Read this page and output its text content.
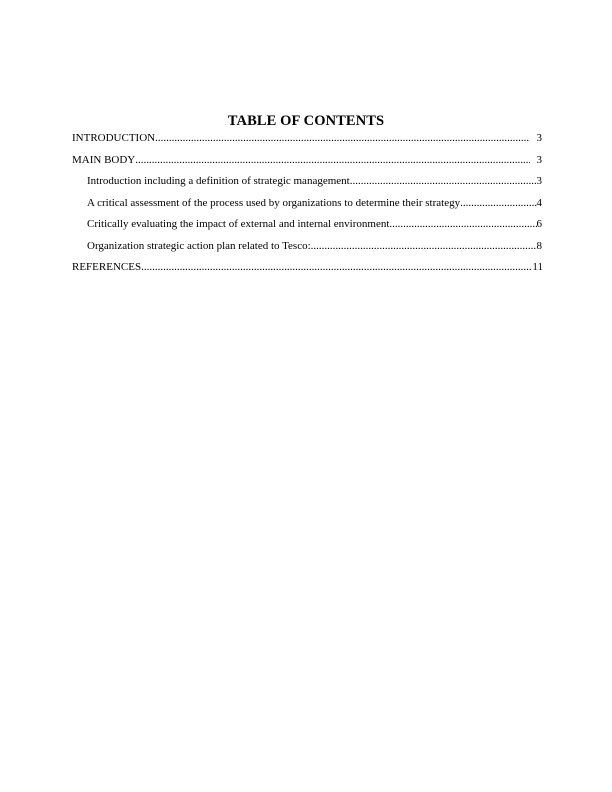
TABLE OF CONTENTS
INTRODUCTION .....	3
MAIN BODY .....	3
Introduction including a definition of strategic management .....	3
A critical assessment of the process used by organizations to determine their strategy .....	4
Critically evaluating the impact of external and internal environment .....	6
Organization strategic action plan related to Tesco: .....	8
REFERENCES .....	11
